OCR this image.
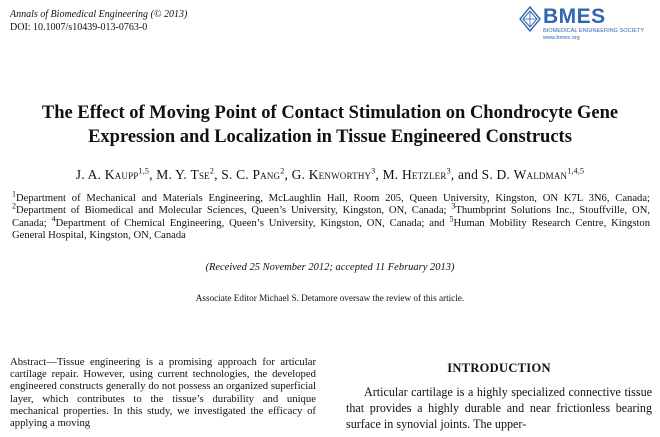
Annals of Biomedical Engineering (© 2013)
DOI: 10.1007/s10439-013-0763-0	BMES
BIOMEDICAL ENGINEERING SOCIETY
www.bmes.org
The Effect of Moving Point of Contact Stimulation on Chondrocyte Gene
Expression and Localization in Tissue Engineered Constructs
J. A. Kaupp$^{1,5}$, M. Y. Tse$^2$, S. C. Pang$^2$, G. Kenworthy$^3$, M. Hetzler$^3$, and S. D. Waldman$^{1,4,5}$
$^1$Department of Mechanical and Materials Engineering, McLaughlin Hall, Room 205, Queen University, Kingston, ON K7L 3N6, Canada; $^2$Department of Biomedical and Molecular Sciences, Queen’s University, Kingston, ON, Canada; $^3$Thumbprint Solutions Inc., Stouffville, ON, Canada; $^4$Department of Chemical Engineering, Queen’s University, Kingston, ON, Canada; and $^5$Human Mobility Research Centre, Kingston General Hospital, Kingston, ON, Canada
(Received 25 November 2012; accepted 11 February 2013)
Associate Editor Michael S. Detamore oversaw the review of this article.
Abstract—Tissue engineering is a promising approach for articular cartilage repair. However, using current technologies, the developed engineered constructs generally do not possess an organized superficial layer, which contributes to the tissue’s durability and unique mechanical properties. In this study, we investigated the efficacy of applying a moving
INTRODUCTION
Articular cartilage is a highly specialized connective tissue that provides a highly durable and near frictionless bearing surface in synovial joints. The upper-
